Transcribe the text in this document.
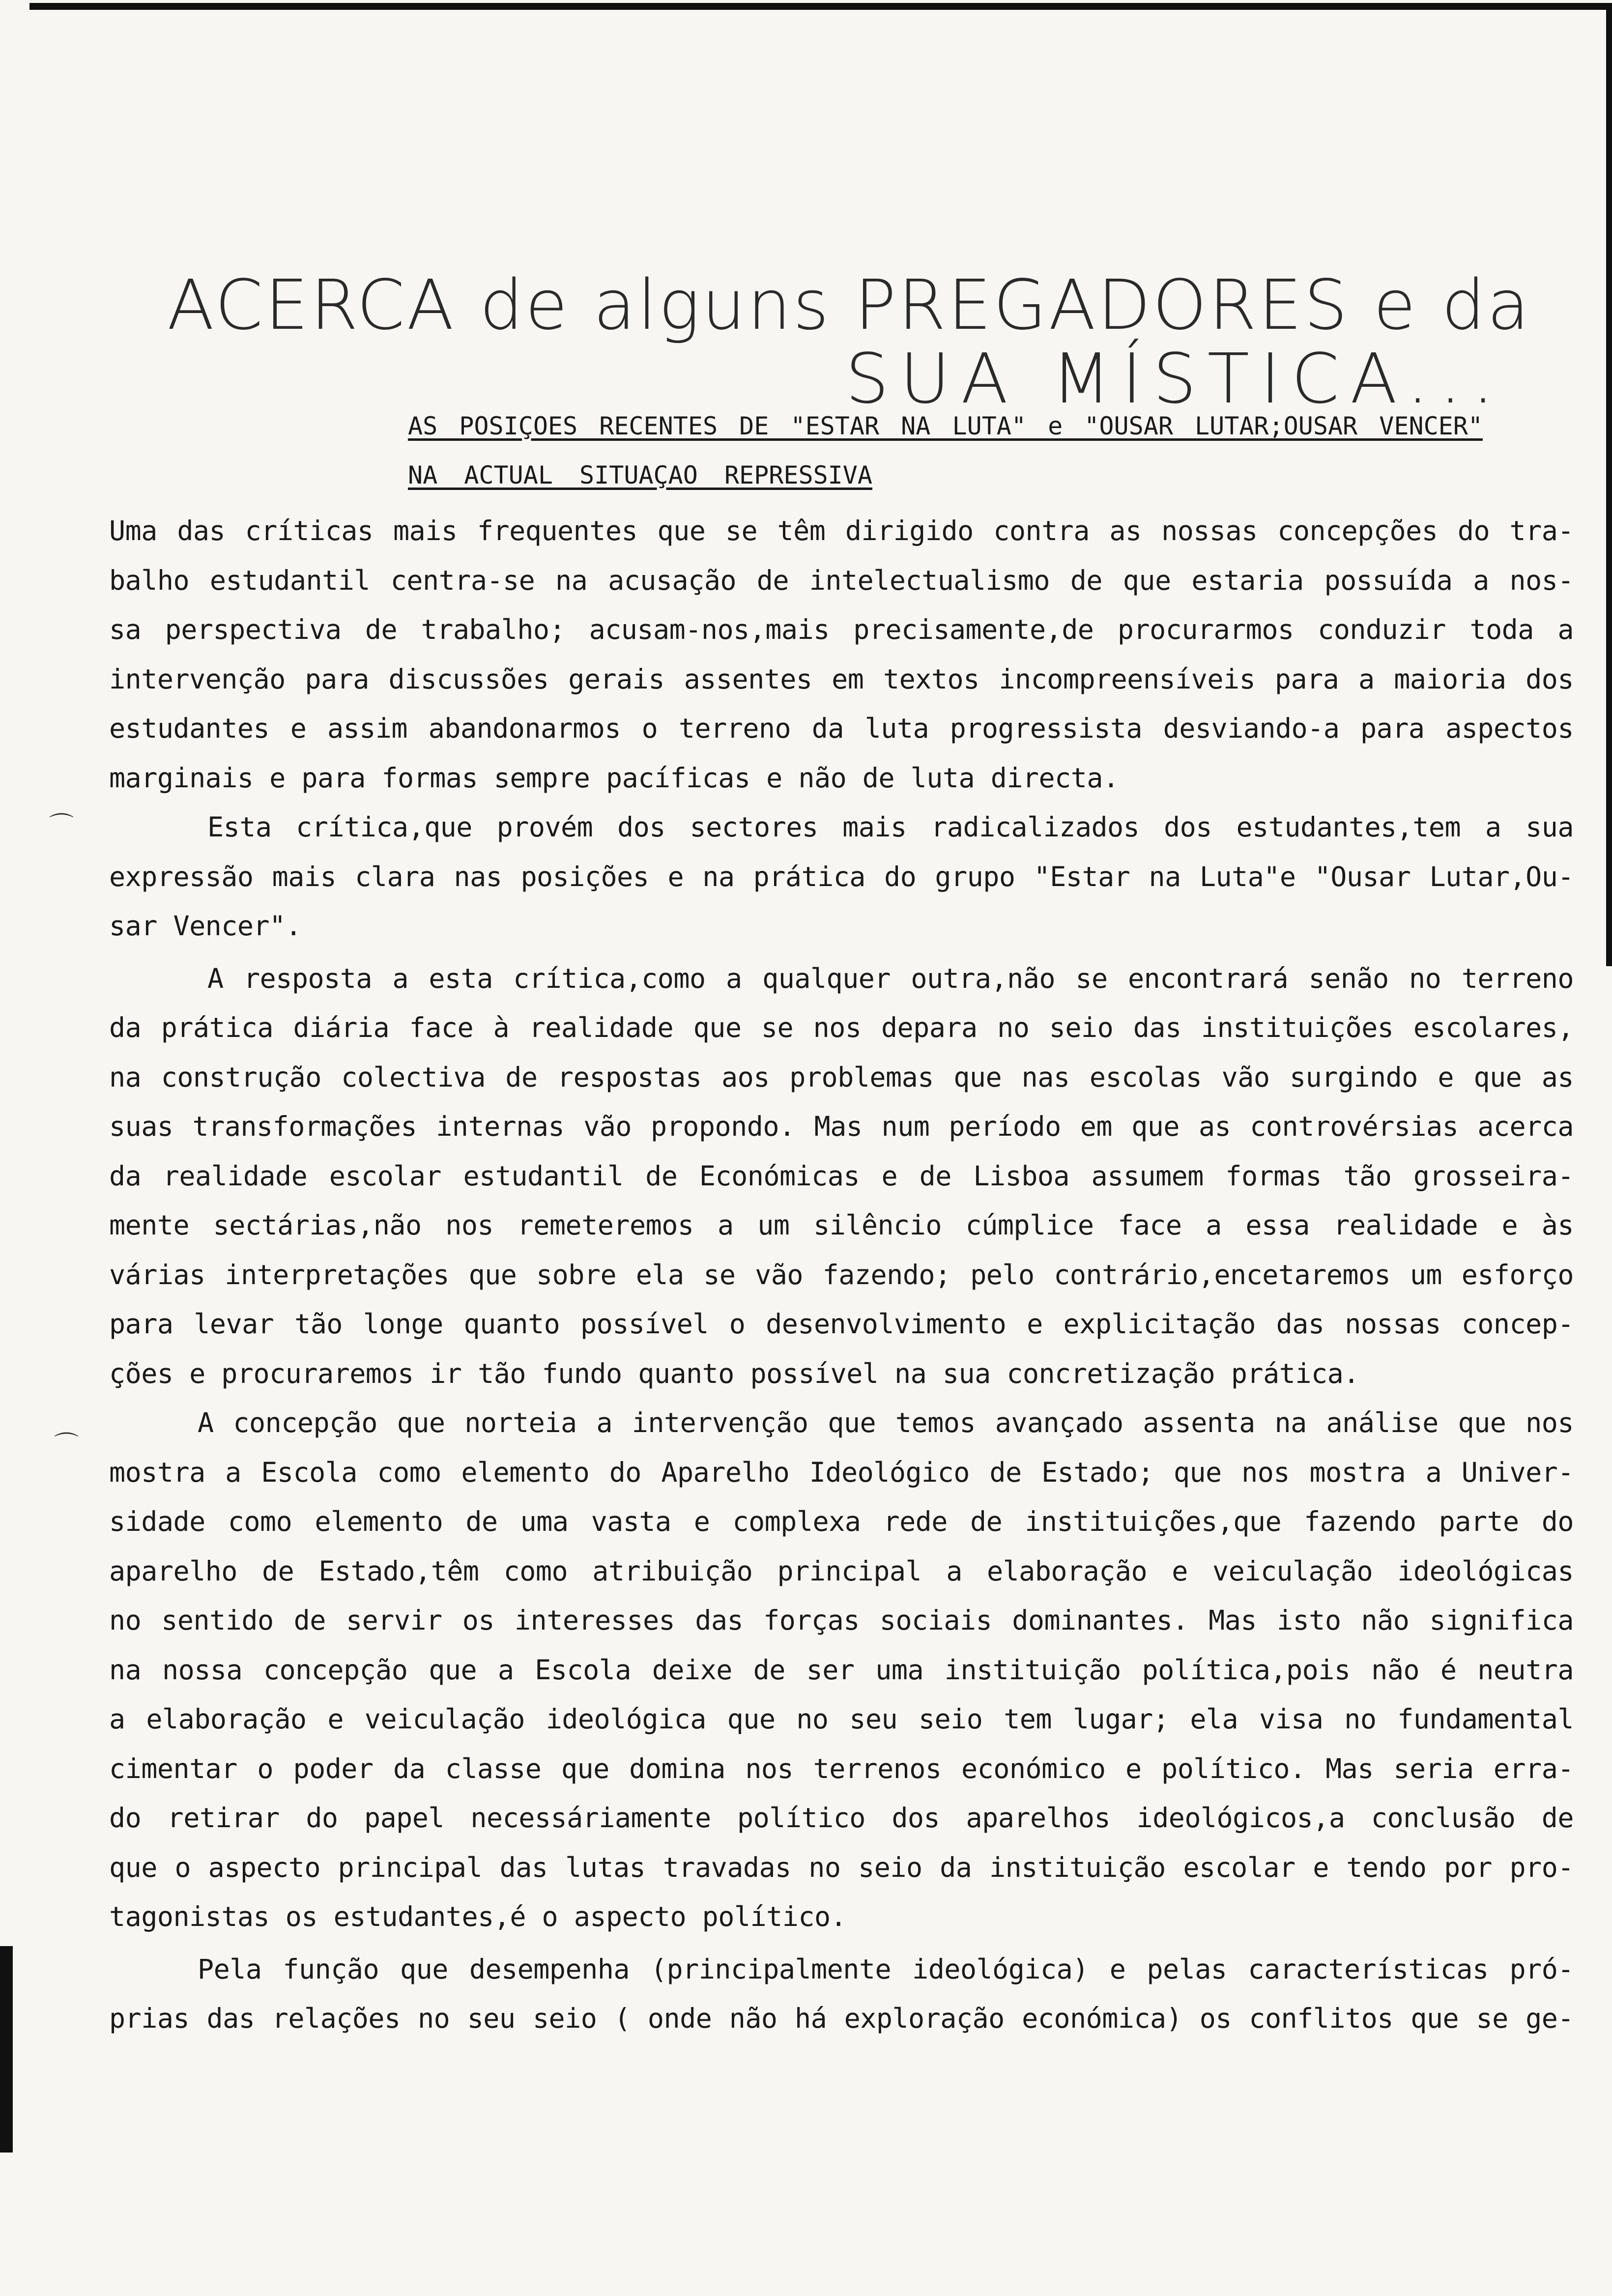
ACERCA de alguns PREGADORES e da
SUA MÍSTICA...
AS POSIÇOES RECENTES DE "ESTAR NA LUTA" e "OUSAR LUTAR;OUSAR VENCER"
NA ACTUAL SITUAÇAO REPRESSIVA
⌒
⌒
Uma das críticas mais frequentes que se têm dirigido contra as nossas concepções do tra-
balho estudantil centra-se na acusação de intelectualismo de que estaria possuída a nos-
sa perspectiva de trabalho; acusam-nos,mais precisamente,de procurarmos conduzir toda a
intervenção para discussões gerais assentes em textos incompreensíveis para a maioria dos
estudantes e assim abandonarmos o terreno da luta progressista desviando-a para aspectos
marginais e para formas sempre pacíficas e não de luta directa.
Esta crítica,que provém dos sectores mais radicalizados dos estudantes,tem a sua
expressão mais clara nas posições e na prática do grupo "Estar na Luta"e "Ousar Lutar,Ou-
sar Vencer".
A resposta a esta crítica,como a qualquer outra,não se encontrará senão no terreno
da prática diária face à realidade que se nos depara no seio das instituições escolares,
na construção colectiva de respostas aos problemas que nas escolas vão surgindo e que as
suas transformações internas vão propondo. Mas num período em que as controvérsias acerca
da realidade escolar estudantil de Económicas e de Lisboa assumem formas tão grosseira-
mente sectárias,não nos remeteremos a um silêncio cúmplice face a essa realidade e às
várias interpretações que sobre ela se vão fazendo; pelo contrário,encetaremos um esforço
para levar tão longe quanto possível o desenvolvimento e explicitação das nossas concep-
ções e procuraremos ir tão fundo quanto possível na sua concretização prática.
A concepção que norteia a intervenção que temos avançado assenta na análise que nos
mostra a Escola como elemento do Aparelho Ideológico de Estado; que nos mostra a Univer-
sidade como elemento de uma vasta e complexa rede de instituições,que fazendo parte do
aparelho de Estado,têm como atribuição principal a elaboração e veiculação ideológicas
no sentido de servir os interesses das forças sociais dominantes. Mas isto não significa
na nossa concepção que a Escola deixe de ser uma instituição política,pois não é neutra
a elaboração e veiculação ideológica que no seu seio tem lugar; ela visa no fundamental
cimentar o poder da classe que domina nos terrenos económico e político. Mas seria erra-
do retirar do papel necessáriamente político dos aparelhos ideológicos,a conclusão de
que o aspecto principal das lutas travadas no seio da instituição escolar e tendo por pro-
tagonistas os estudantes,é o aspecto político.
Pela função que desempenha (principalmente ideológica) e pelas características pró-
prias das relações no seu seio ( onde não há exploração económica) os conflitos que se ge-
